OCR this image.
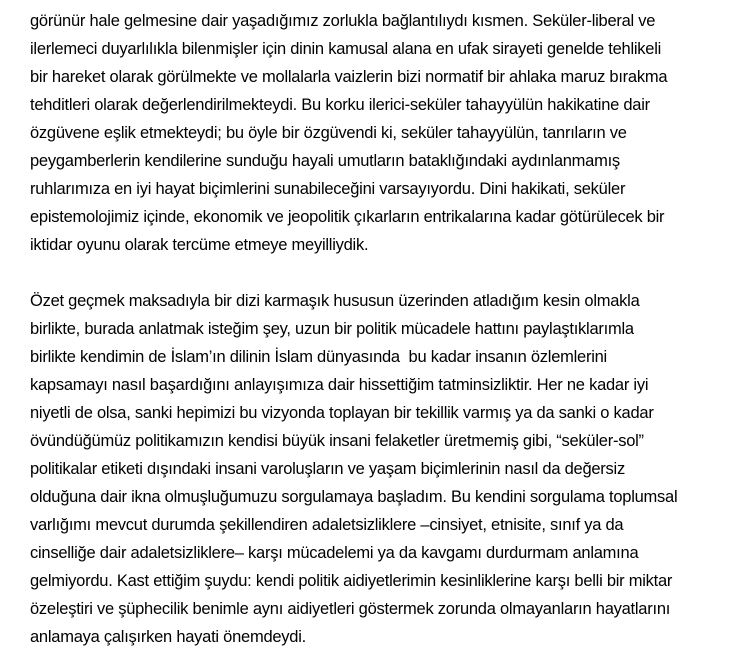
görünür hale gelmesine dair yaşadığımız zorlukla bağlantılıydı kısmen. Seküler-liberal ve
ilerlemeci duyarlılıkla bilenmişler için dinin kamusal alana en ufak sirayeti genelde tehlikeli
bir hareket olarak görülmekte ve mollalarla vaizlerin bizi normatif bir ahlaka maruz bırakma
tehditleri olarak değerlendirilmekteydi. Bu korku ilerici-seküler tahayyülün hakikatine dair
özgüvene eşlik etmekteydi; bu öyle bir özgüvendi ki, seküler tahayyülün, tanrıların ve
peygamberlerin kendilerine sunduğu hayali umutların bataklığındaki aydınlanmamış
ruhlarımıza en iyi hayat biçimlerini sunabileceğini varsayıyordu. Dini hakikati, seküler
epistemolojimiz içinde, ekonomik ve jeopolitik çıkarların entrikalarına kadar götürülecek bir
iktidar oyunu olarak tercüme etmeye meyilliydik.
Özet geçmek maksadıyla bir dizi karmaşık hususun üzerinden atladığım kesin olmakla
birlikte, burada anlatmak isteğim şey, uzun bir politik mücadele hattını paylaştıklarımla
birlikte kendimin de İslam’ın dilinin İslam dünyasında  bu kadar insanın özlemlerini
kapsamayı nasıl başardığını anlayışımıza dair hissettiğim tatminsizliktir. Her ne kadar iyi
niyetli de olsa, sanki hepimizi bu vizyonda toplayan bir tekillik varmış ya da sanki o kadar
övündüğümüz politikamızın kendisi büyük insani felaketler üretmemiş gibi, “seküler-sol”
politikalar etiketi dışındaki insani varoluşların ve yaşam biçimlerinin nasıl da değersiz
olduğuna dair ikna olmuşluğumuzu sorgulamaya başladım. Bu kendini sorgulama toplumsal
varlığımı mevcut durumda şekillendiren adaletsizliklere –cinsiyet, etnisite, sınıf ya da
cinselliğe dair adaletsizliklere– karşı mücadelemi ya da kavgamı durdurmam anlamına
gelmiyordu. Kast ettiğim şuydu: kendi politik aidiyetlerimin kesinliklerine karşı belli bir miktar
özeleştiri ve şüphecilik benimle aynı aidiyetleri göstermek zorunda olmayanların hayatlarını
anlamaya çalışırken hayati önemdeydi.
